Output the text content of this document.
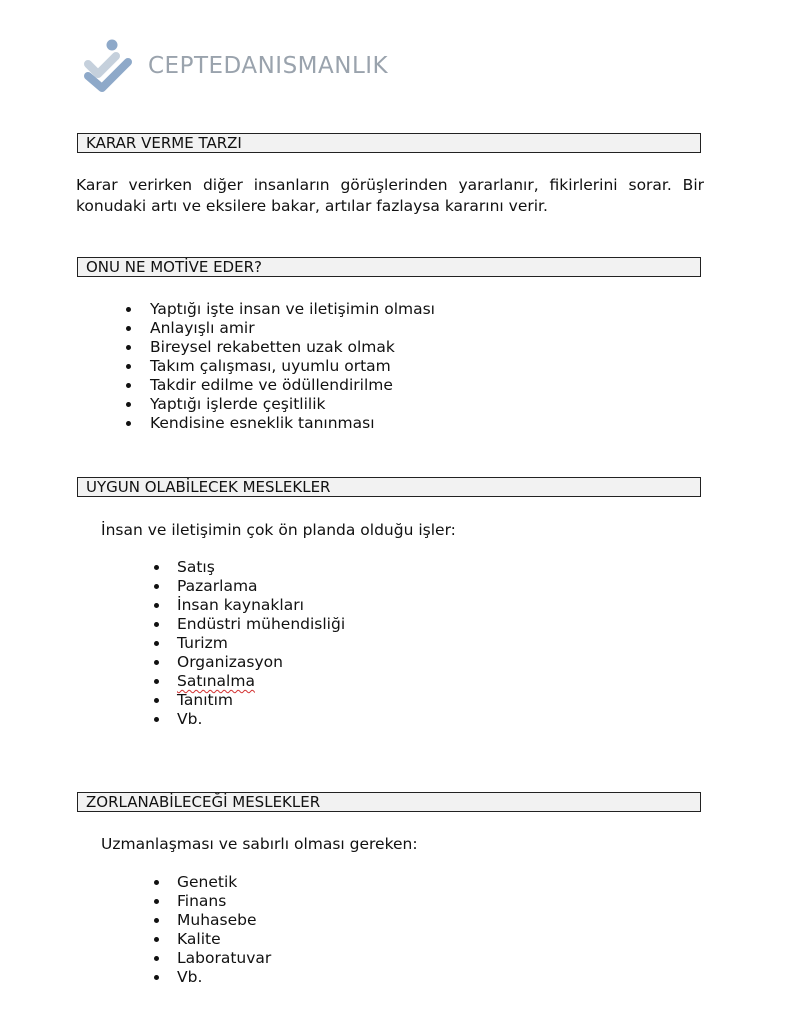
CEPTEDANISMANLIK
KARAR VERME TARZI
Karar verirken diğer insanların görüşlerinden yararlanır, fikirlerini sorar. Bir konudaki artı ve eksilere bakar, artılar fazlaysa kararını verir.
ONU NE MOTİVE EDER?
Yaptığı işte insan ve iletişimin olması
Anlayışlı amir
Bireysel rekabetten uzak olmak
Takım çalışması, uyumlu ortam
Takdir edilme ve ödüllendirilme
Yaptığı işlerde çeşitlilik
Kendisine esneklik tanınması
UYGUN OLABİLECEK MESLEKLER
İnsan ve iletişimin çok ön planda olduğu işler:
Satış
Pazarlama
İnsan kaynakları
Endüstri mühendisliği
Turizm
Organizasyon
Satınalma
Tanıtım
Vb.
ZORLANABİLECEĞİ MESLEKLER
Uzmanlaşması ve sabırlı olması gereken:
Genetik
Finans
Muhasebe
Kalite
Laboratuvar
Vb.
